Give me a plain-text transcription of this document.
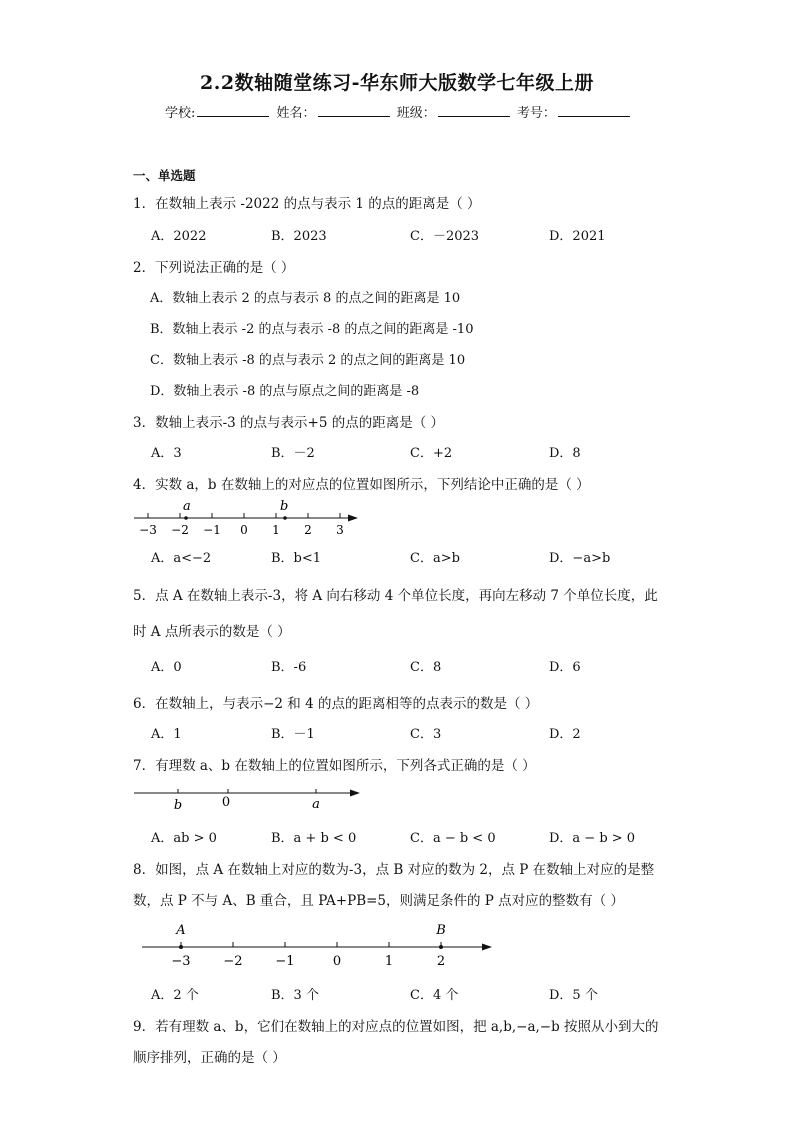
2.2数轴随堂练习-华东师大版数学七年级上册
学校:	姓名：	班级：	考号：
一、单选题
1．在数轴上表示 -2022 的点与表示 1 的点的距离是（ ）
A．2022	B．2023	C．－2023	D．2021
2．下列说法正确的是（ ）
A．数轴上表示 2 的点与表示 8 的点之间的距离是 10
B．数轴上表示 -2 的点与表示 -8 的点之间的距离是 -10
C．数轴上表示 -8 的点与表示 2 的点之间的距离是 10
D．数轴上表示 -8 的点与原点之间的距离是 -8
3．数轴上表示-3 的点与表示+5 的点的距离是（ ）
A．3	B．－2	C．+2	D．8
4．实数 a，b 在数轴上的对应点的位置如图所示，下列结论中正确的是（ ）
a	b
−3 −2 −1 0 1 2 3
A．a<−2	B．b<1	C．a>b	D．−a>b
5．点 A 在数轴上表示-3，将 A 向右移动 4 个单位长度，再向左移动 7 个单位长度，此
时 A 点所表示的数是（ ）
A．0	B．-6	C．8	D．6
6．在数轴上，与表示−2 和 4 的点的距离相等的点表示的数是（ ）
A．1	B．－1	C．3	D．2
7．有理数 a、b 在数轴上的位置如图所示，下列各式正确的是（ ）
b	0	a
A．ab > 0	B．a + b < 0	C．a − b < 0	D．a − b > 0
8．如图，点 A 在数轴上对应的数为-3，点 B 对应的数为 2，点 P 在数轴上对应的是整
数，点 P 不与 A、B 重合，且 PA+PB=5，则满足条件的 P 点对应的整数有（ ）
A	B
−3	−2	−1	0	1	2
A．2 个	B．3 个	C．4 个	D．5 个
9．若有理数 a、b，它们在数轴上的对应点的位置如图，把 a,b,−a,−b 按照从小到大的
顺序排列，正确的是（ ）
